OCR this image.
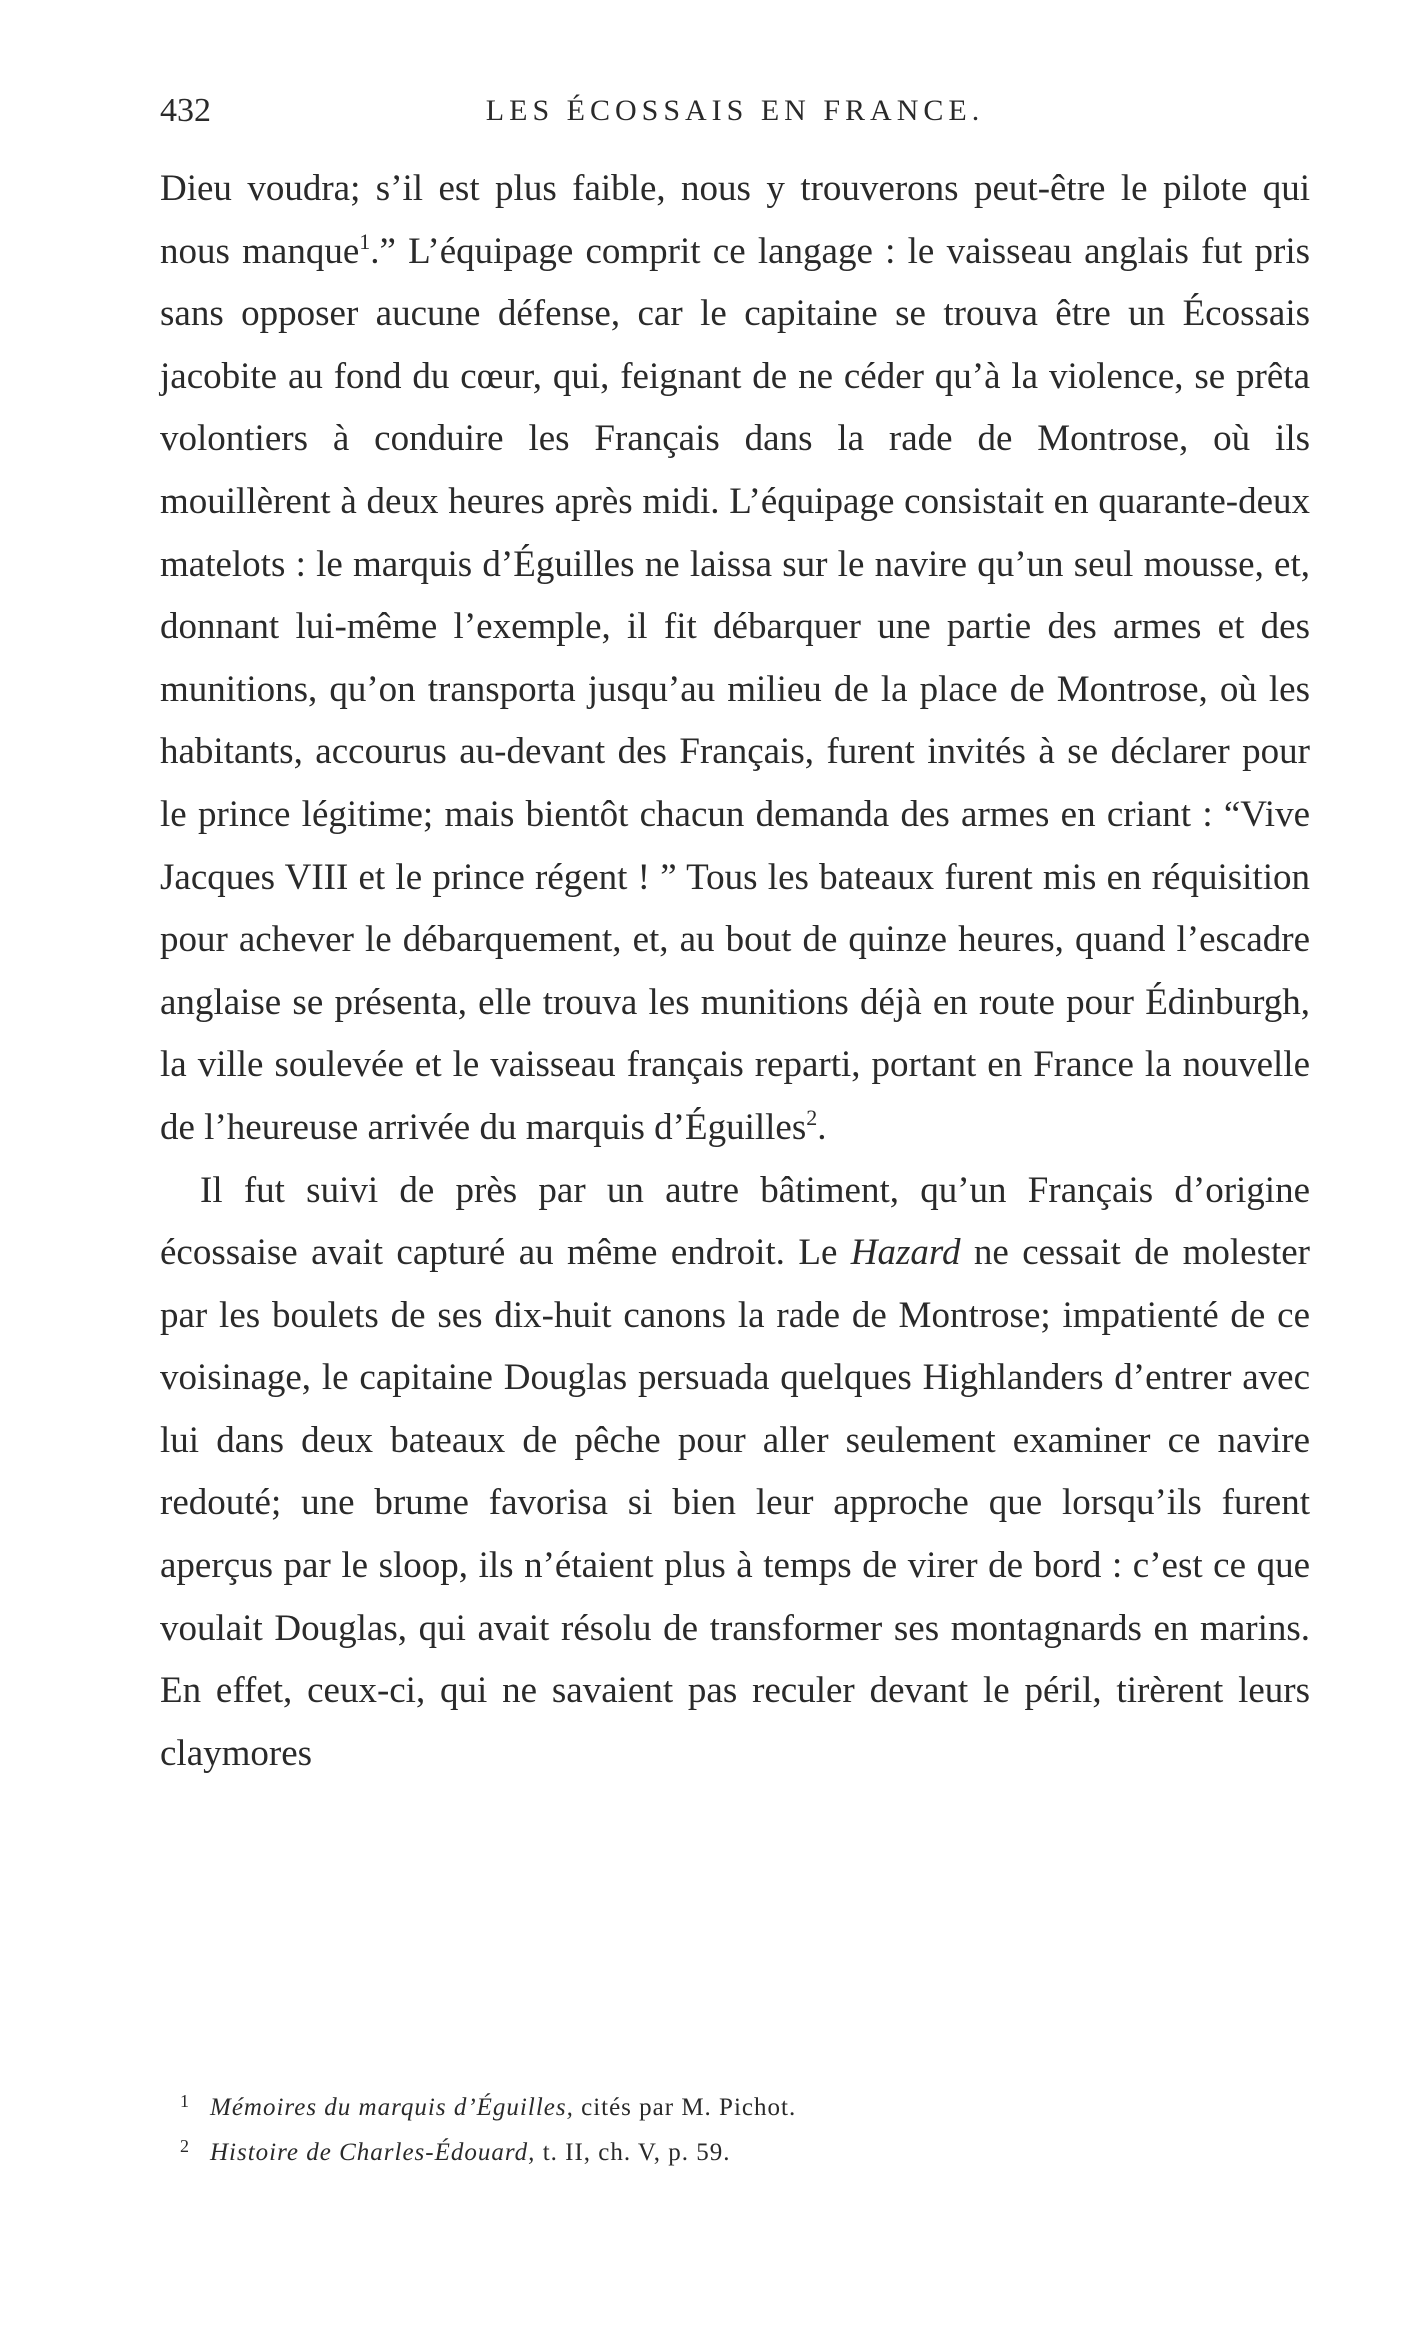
432	LES ÉCOSSAIS EN FRANCE.

Dieu voudra; s’il est plus faible, nous y trouverons peut-être le pilote qui nous manque$^1$.” L’équipage comprit ce langage : le vaisseau anglais fut pris sans opposer aucune défense, car le capitaine se trouva être un Écossais jacobite au fond du cœur, qui, feignant de ne céder qu’à la violence, se prêta volontiers à conduire les Français dans la rade de Montrose, où ils mouillèrent à deux heures après midi. L’équipage consistait en quarante-deux matelots : le marquis d’Éguilles ne laissa sur le navire qu’un seul mousse, et, donnant lui-même l’exemple, il fit débarquer une partie des armes et des munitions, qu’on transporta jusqu’au milieu de la place de Montrose, où les habitants, accourus au-devant des Français, furent invités à se déclarer pour le prince légitime; mais bientôt chacun demanda des armes en criant : “Vive Jacques VIII et le prince régent ! ” Tous les bateaux furent mis en réquisition pour achever le débarquement, et, au bout de quinze heures, quand l’escadre anglaise se présenta, elle trouva les munitions déjà en route pour Édinburgh, la ville soulevée et le vaisseau français reparti, portant en France la nouvelle de l’heureuse arrivée du marquis d’Éguilles$^2$.

Il fut suivi de près par un autre bâtiment, qu’un Français d’origine écossaise avait capturé au même endroit. Le Hazard ne cessait de molester par les boulets de ses dix-huit canons la rade de Montrose; impatienté de ce voisinage, le capitaine Douglas persuada quelques Highlanders d’entrer avec lui dans deux bateaux de pêche pour aller seulement examiner ce navire redouté; une brume favorisa si bien leur approche que lorsqu’ils furent aperçus par le sloop, ils n’étaient plus à temps de virer de bord : c’est ce que voulait Douglas, qui avait résolu de transformer ses montagnards en marins. En effet, ceux-ci, qui ne savaient pas reculer devant le péril, tirèrent leurs claymores

1 Mémoires du marquis d’Éguilles, cités par M. Pichot.
2 Histoire de Charles-Édouard, t. II, ch. V, p. 59.
